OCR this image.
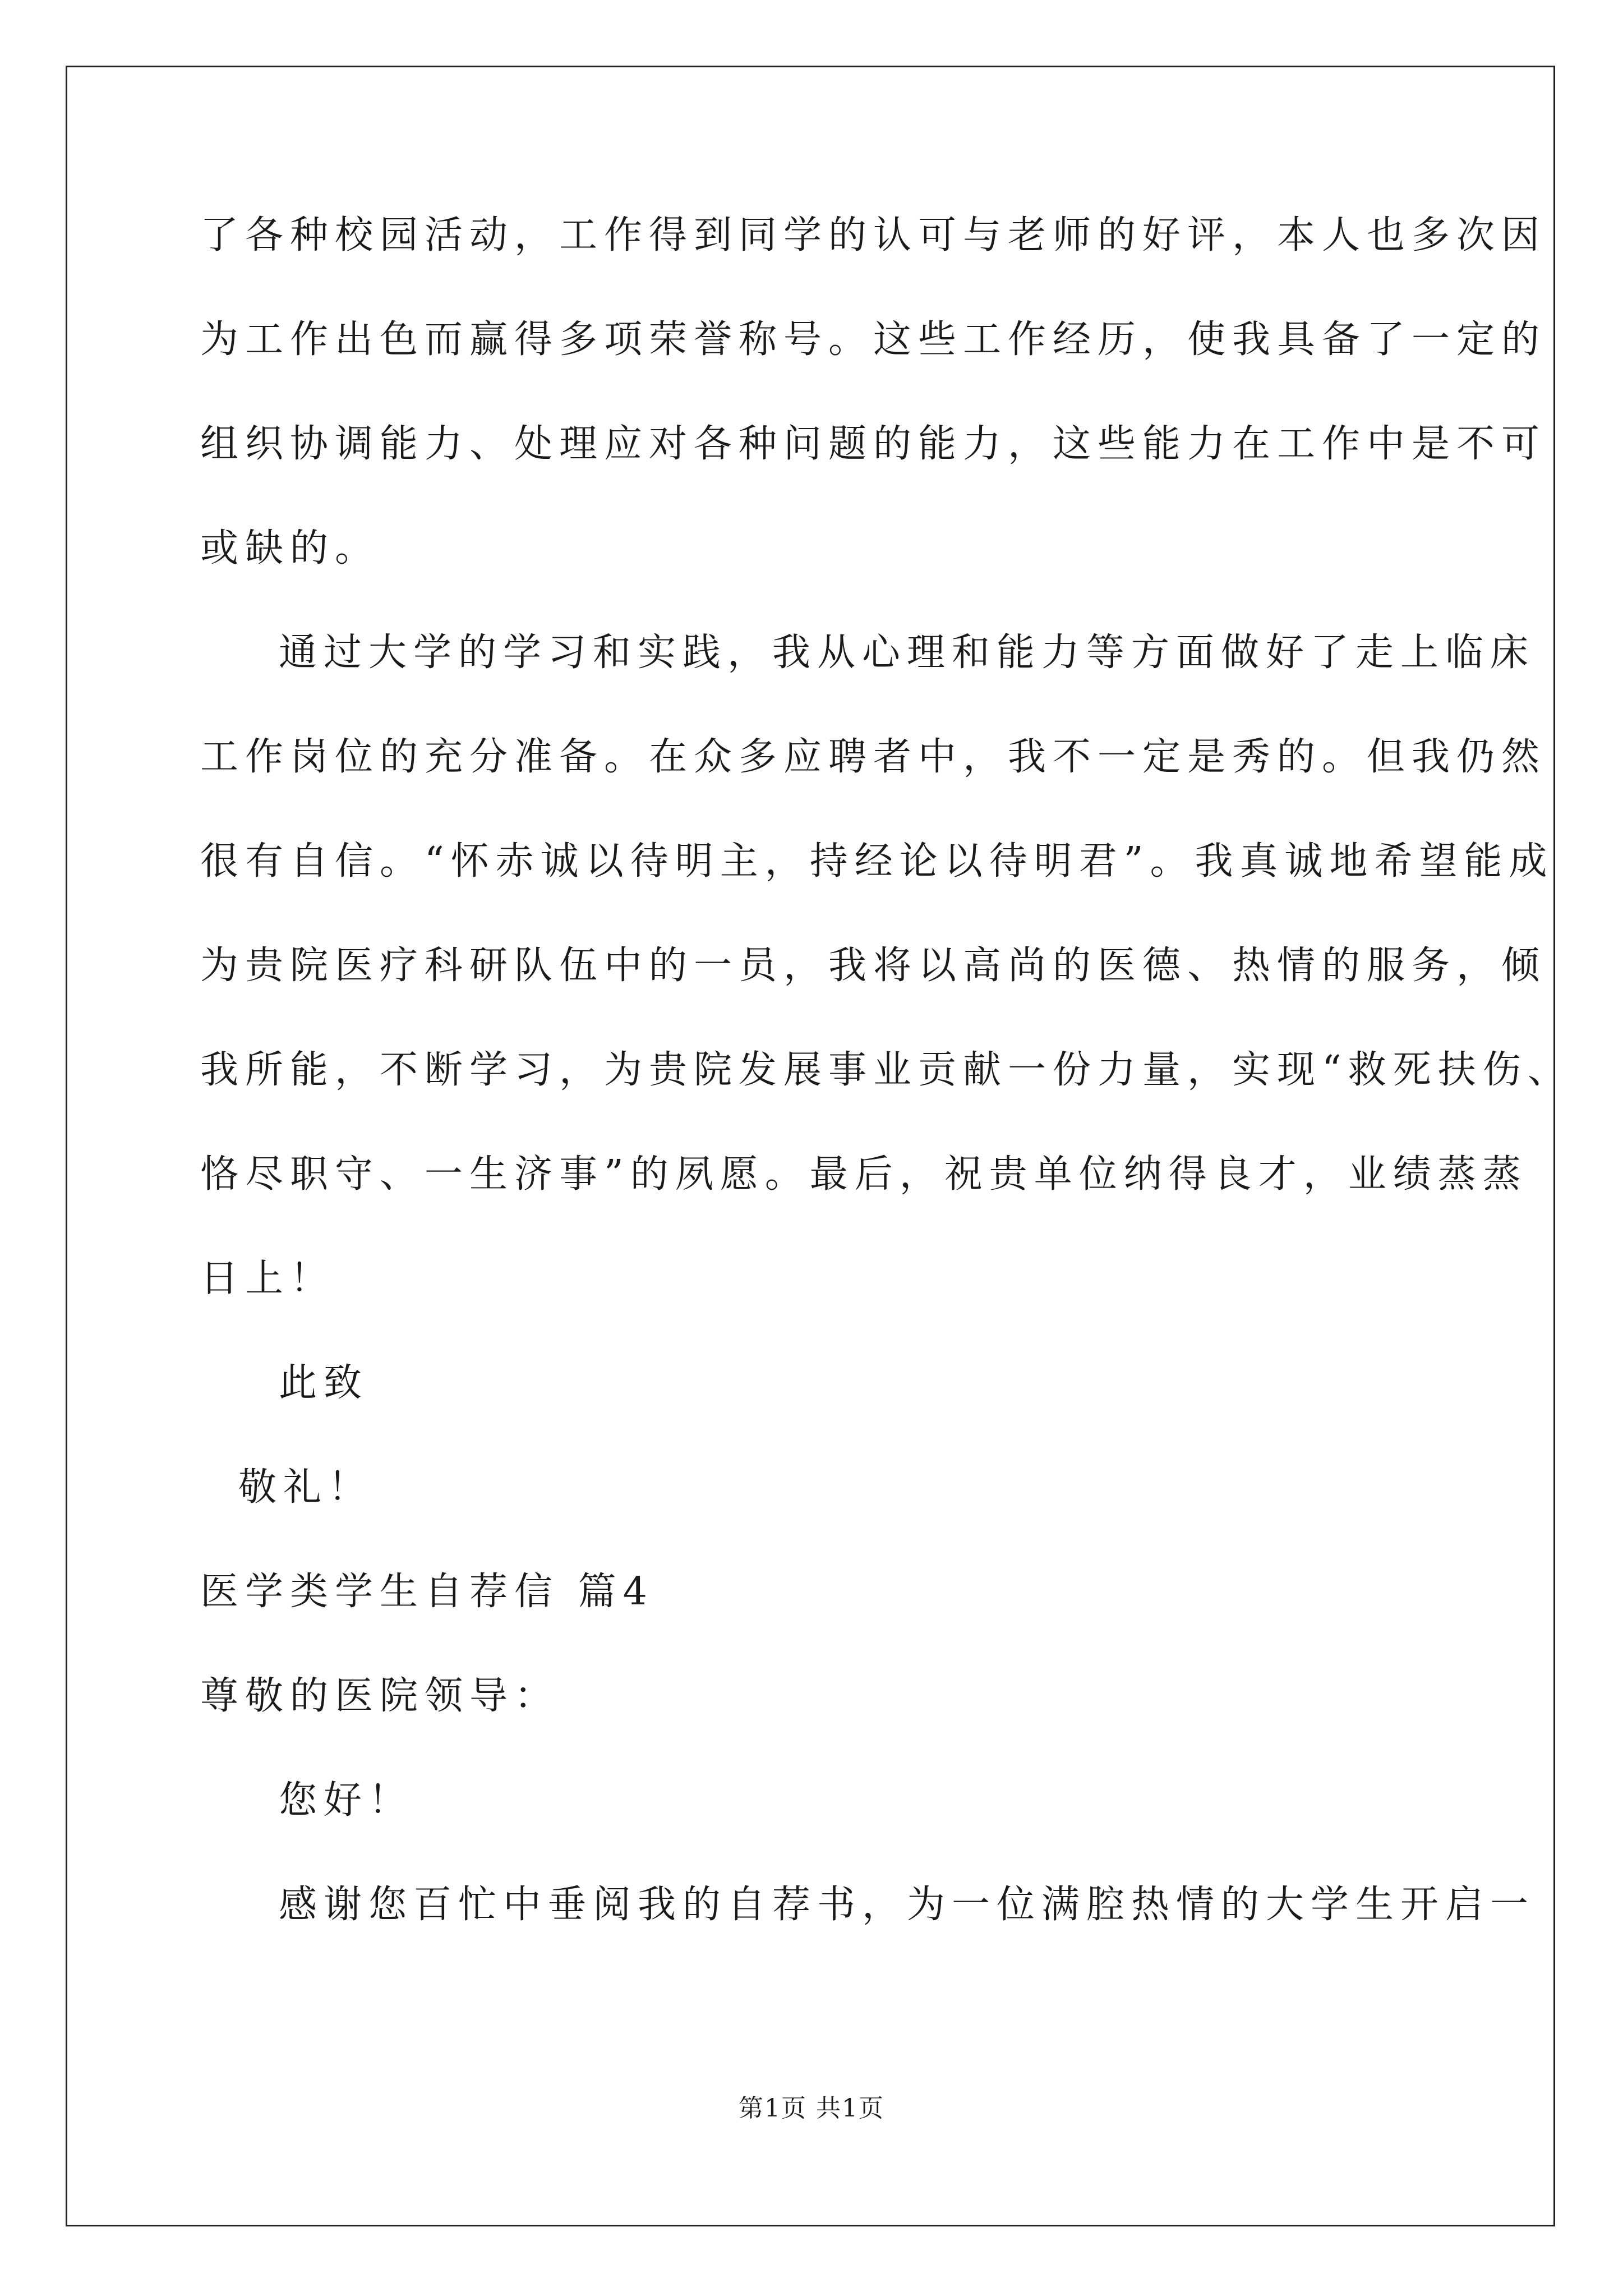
了各种校园活动，工作得到同学的认可与老师的好评，本人也多次因
为工作出色而赢得多项荣誉称号。这些工作经历，使我具备了一定的
组织协调能力、处理应对各种问题的能力，这些能力在工作中是不可
或缺的。
通过大学的学习和实践，我从心理和能力等方面做好了走上临床
工作岗位的充分准备。在众多应聘者中，我不一定是秀的。但我仍然
很有自信。“怀赤诚以待明主，持经论以待明君”。我真诚地希望能成
为贵院医疗科研队伍中的一员，我将以高尚的医德、热情的服务，倾
我所能，不断学习，为贵院发展事业贡献一份力量，实现“救死扶伤、
恪尽职守、一生济事”的夙愿。最后，祝贵单位纳得良才，业绩蒸蒸
日上！
此致
敬礼！
医学类学生自荐信 篇4
尊敬的医院领导：
您好！
感谢您百忙中垂阅我的自荐书，为一位满腔热情的大学生开启一
第1页 共1页
